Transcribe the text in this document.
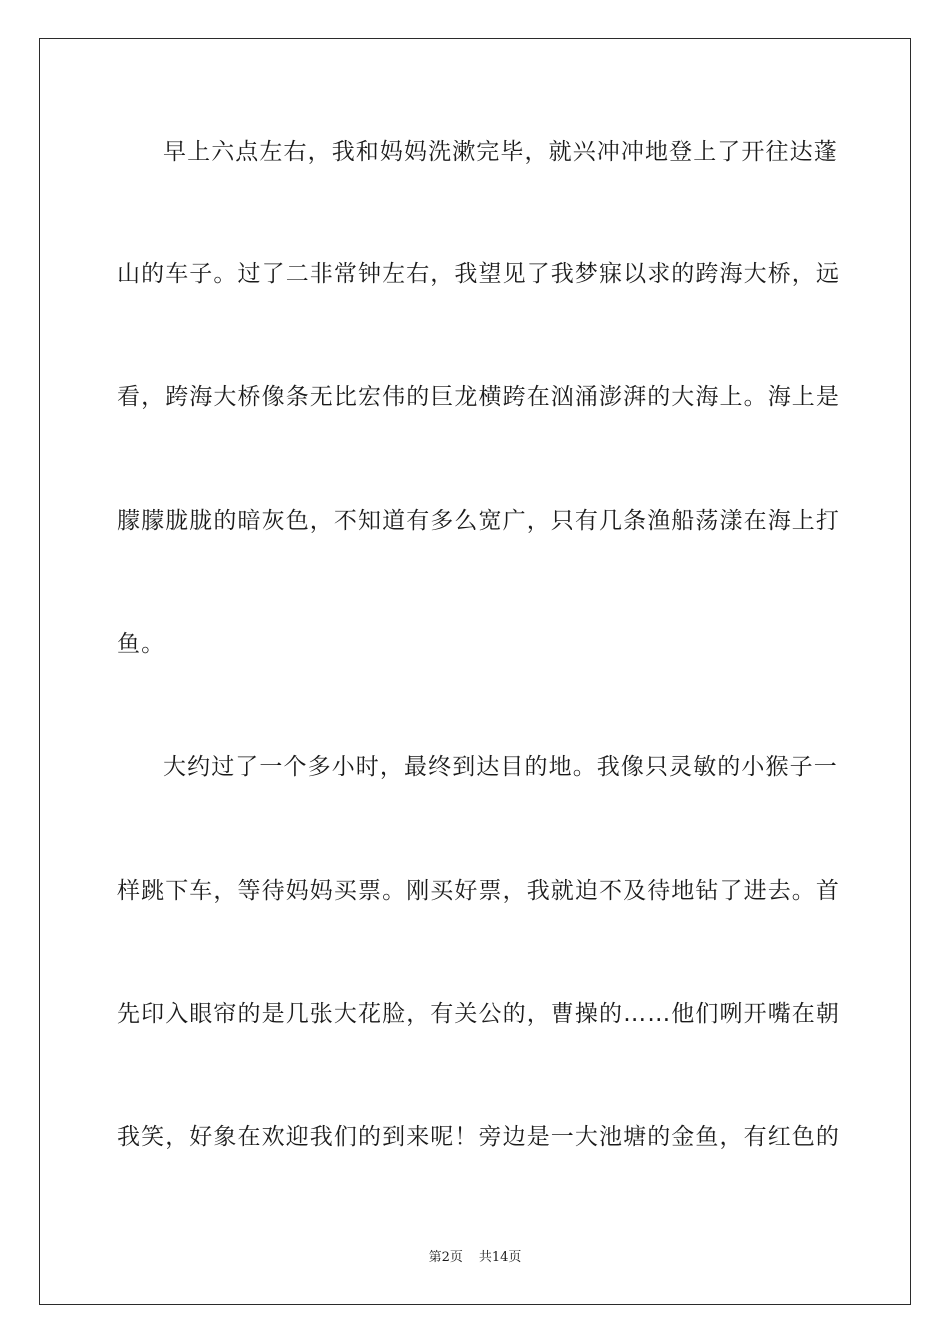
早上六点左右，我和妈妈洗漱完毕，就兴冲冲地登上了开往达蓬
山的车子。过了二非常钟左右，我望见了我梦寐以求的跨海大桥，远
看，跨海大桥像条无比宏伟的巨龙横跨在汹涌澎湃的大海上。海上是
朦朦胧胧的暗灰色，不知道有多么宽广，只有几条渔船荡漾在海上打
鱼。
大约过了一个多小时，最终到达目的地。我像只灵敏的小猴子一
样跳下车，等待妈妈买票。刚买好票，我就迫不及待地钻了进去。首
先印入眼帘的是几张大花脸，有关公的，曹操的……他们咧开嘴在朝
我笑，好象在欢迎我们的到来呢！旁边是一大池塘的金鱼，有红色的
第2页 共14页
